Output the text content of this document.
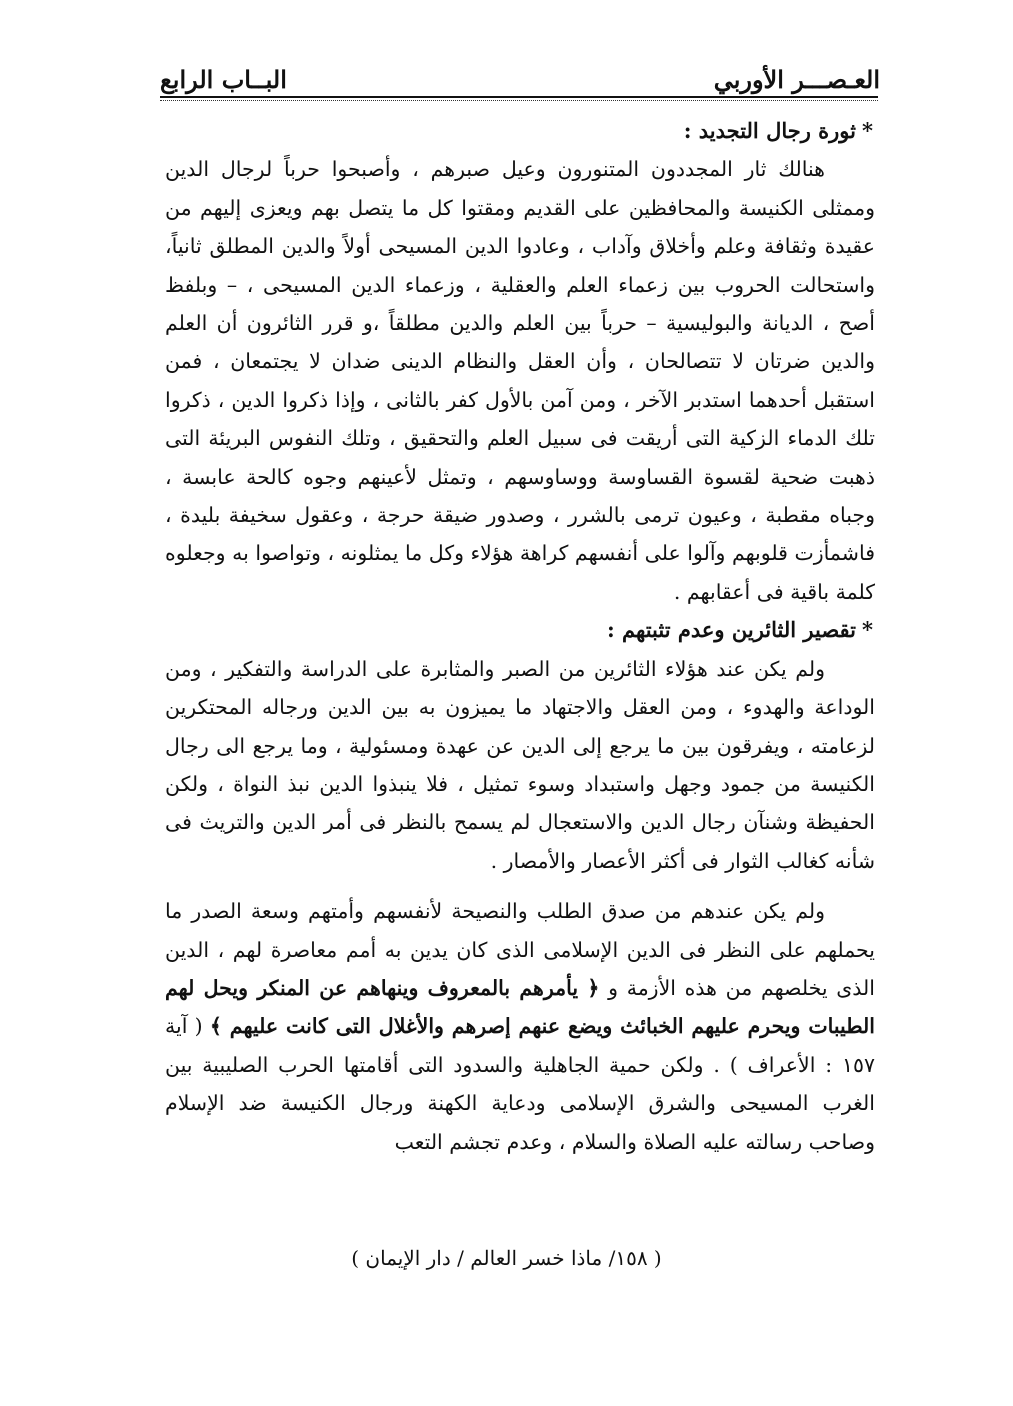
العـصـــر الأوربي
البــاب الرابع
*ثورة رجال التجديد :

هنالك ثار المجددون المتنورون وعيل صبرهم ، وأصبحوا حرباً لرجال الدين وممثلى الكنيسة والمحافظين على القديم ومقتوا كل ما يتصل بهم ويعزى إليهم من عقيدة وثقافة وعلم وأخلاق وآداب ، وعادوا الدين المسيحى أولاً والدين المطلق ثانياً، واستحالت الحروب بين زعماء العلم والعقلية ، وزعماء الدين المسيحى ، – وبلفظ أصح ، الديانة والبوليسية – حرباً بين العلم والدين مطلقاً ،و قرر الثائرون أن العلم والدين ضرتان لا تتصالحان ، وأن العقل والنظام الدينى ضدان لا يجتمعان ، فمن استقبل أحدهما استدبر الآخر ، ومن آمن بالأول كفر بالثانى ، وإذا ذكروا الدين ، ذكروا تلك الدماء الزكية التى أريقت فى سبيل العلم والتحقيق ، وتلك النفوس البريئة التى ذهبت ضحية لقسوة القساوسة ووساوسهم ، وتمثل لأعينهم وجوه كالحة عابسة ، وجباه مقطبة ، وعيون ترمى بالشرر ، وصدور ضيقة حرجة ، وعقول سخيفة بليدة ، فاشمأزت قلوبهم وآلوا على أنفسهم كراهة هؤلاء وكل ما يمثلونه ، وتواصوا به وجعلوه كلمة باقية فى أعقابهم .

*تقصير الثائرين وعدم تثبتهم :

ولم يكن عند هؤلاء الثائرين من الصبر والمثابرة على الدراسة والتفكير ، ومن الوداعة والهدوء ، ومن العقل والاجتهاد ما يميزون به بين الدين ورجاله المحتكرين لزعامته ، ويفرقون بين ما يرجع إلى الدين عن عهدة ومسئولية ، وما يرجع الى رجال الكنيسة من جمود وجهل واستبداد وسوء تمثيل ، فلا ينبذوا الدين نبذ النواة ، ولكن الحفيظة وشنآن رجال الدين والاستعجال لم يسمح بالنظر فى أمر الدين والتريث فى شأنه كغالب الثوار فى أكثر الأعصار والأمصار .

ولم يكن عندهم من صدق الطلب والنصيحة لأنفسهم وأمتهم وسعة الصدر ما يحملهم على النظر فى الدين الإسلامى الذى كان يدين به أمم معاصرة لهم ، الدين الذى يخلصهم من هذه الأزمة و ﴿ يأمرهم بالمعروف وينهاهم عن المنكر ويحل لهم الطيبات ويحرم عليهم الخبائث ويضع عنهم إصرهم والأغلال التى كانت عليهم ﴾ ( آية ١٥٧ : الأعراف ) . ولكن حمية الجاهلية والسدود التى أقامتها الحرب الصليبية بين الغرب المسيحى والشرق الإسلامى ودعاية الكهنة ورجال الكنيسة ضد الإسلام وصاحب رسالته عليه الصلاة والسلام ، وعدم تجشم التعب

( ١٥٨/ ماذا خسر العالم / دار الإيمان )
